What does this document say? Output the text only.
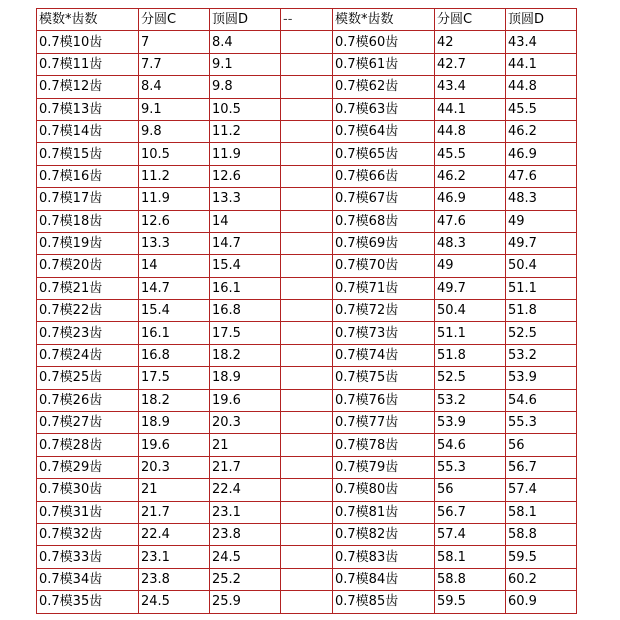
模数*齿数	分圆C	顶圆D	--	模数*齿数	分圆C	顶圆D
0.7模10齿	7	8.4		0.7模60齿	42	43.4
0.7模11齿	7.7	9.1		0.7模61齿	42.7	44.1
0.7模12齿	8.4	9.8		0.7模62齿	43.4	44.8
0.7模13齿	9.1	10.5		0.7模63齿	44.1	45.5
0.7模14齿	9.8	11.2		0.7模64齿	44.8	46.2
0.7模15齿	10.5	11.9		0.7模65齿	45.5	46.9
0.7模16齿	11.2	12.6		0.7模66齿	46.2	47.6
0.7模17齿	11.9	13.3		0.7模67齿	46.9	48.3
0.7模18齿	12.6	14		0.7模68齿	47.6	49
0.7模19齿	13.3	14.7		0.7模69齿	48.3	49.7
0.7模20齿	14	15.4		0.7模70齿	49	50.4
0.7模21齿	14.7	16.1		0.7模71齿	49.7	51.1
0.7模22齿	15.4	16.8		0.7模72齿	50.4	51.8
0.7模23齿	16.1	17.5		0.7模73齿	51.1	52.5
0.7模24齿	16.8	18.2		0.7模74齿	51.8	53.2
0.7模25齿	17.5	18.9		0.7模75齿	52.5	53.9
0.7模26齿	18.2	19.6		0.7模76齿	53.2	54.6
0.7模27齿	18.9	20.3		0.7模77齿	53.9	55.3
0.7模28齿	19.6	21		0.7模78齿	54.6	56
0.7模29齿	20.3	21.7		0.7模79齿	55.3	56.7
0.7模30齿	21	22.4		0.7模80齿	56	57.4
0.7模31齿	21.7	23.1		0.7模81齿	56.7	58.1
0.7模32齿	22.4	23.8		0.7模82齿	57.4	58.8
0.7模33齿	23.1	24.5		0.7模83齿	58.1	59.5
0.7模34齿	23.8	25.2		0.7模84齿	58.8	60.2
0.7模35齿	24.5	25.9		0.7模85齿	59.5	60.9
